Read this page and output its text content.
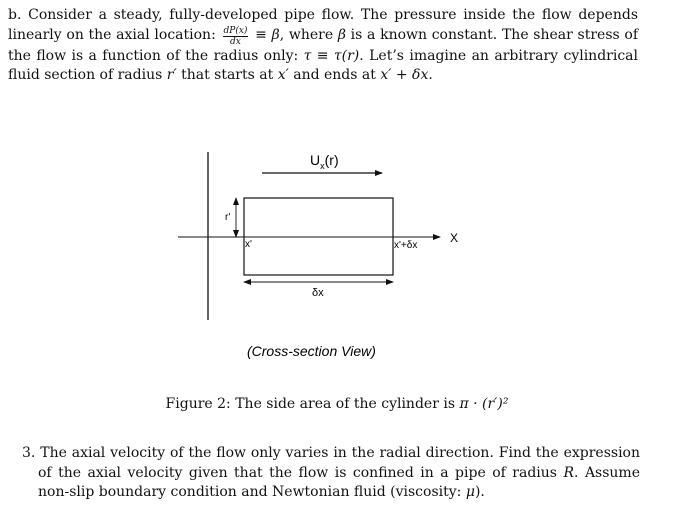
b. Consider a steady, fully-developed pipe flow. The pressure inside the flow depends linearly on the axial location: $\frac{dP(x)}{dx} \equiv \beta$, where β is a known constant. The shear stress of the flow is a function of the radius only: τ ≡ τ(r). Let’s imagine an arbitrary cylindrical fluid section of radius r′ that starts at x′ and ends at x′ + δx.
X
$U_x(r)$
r'
x'	x'+δx
δx
(Cross-section View)
Figure 2: The side area of the cylinder is π · (r′)²
3. The axial velocity of the flow only varies in the radial direction. Find the expression of the axial velocity given that the flow is confined in a pipe of radius R. Assume non-slip boundary condition and Newtonian fluid (viscosity: μ).
